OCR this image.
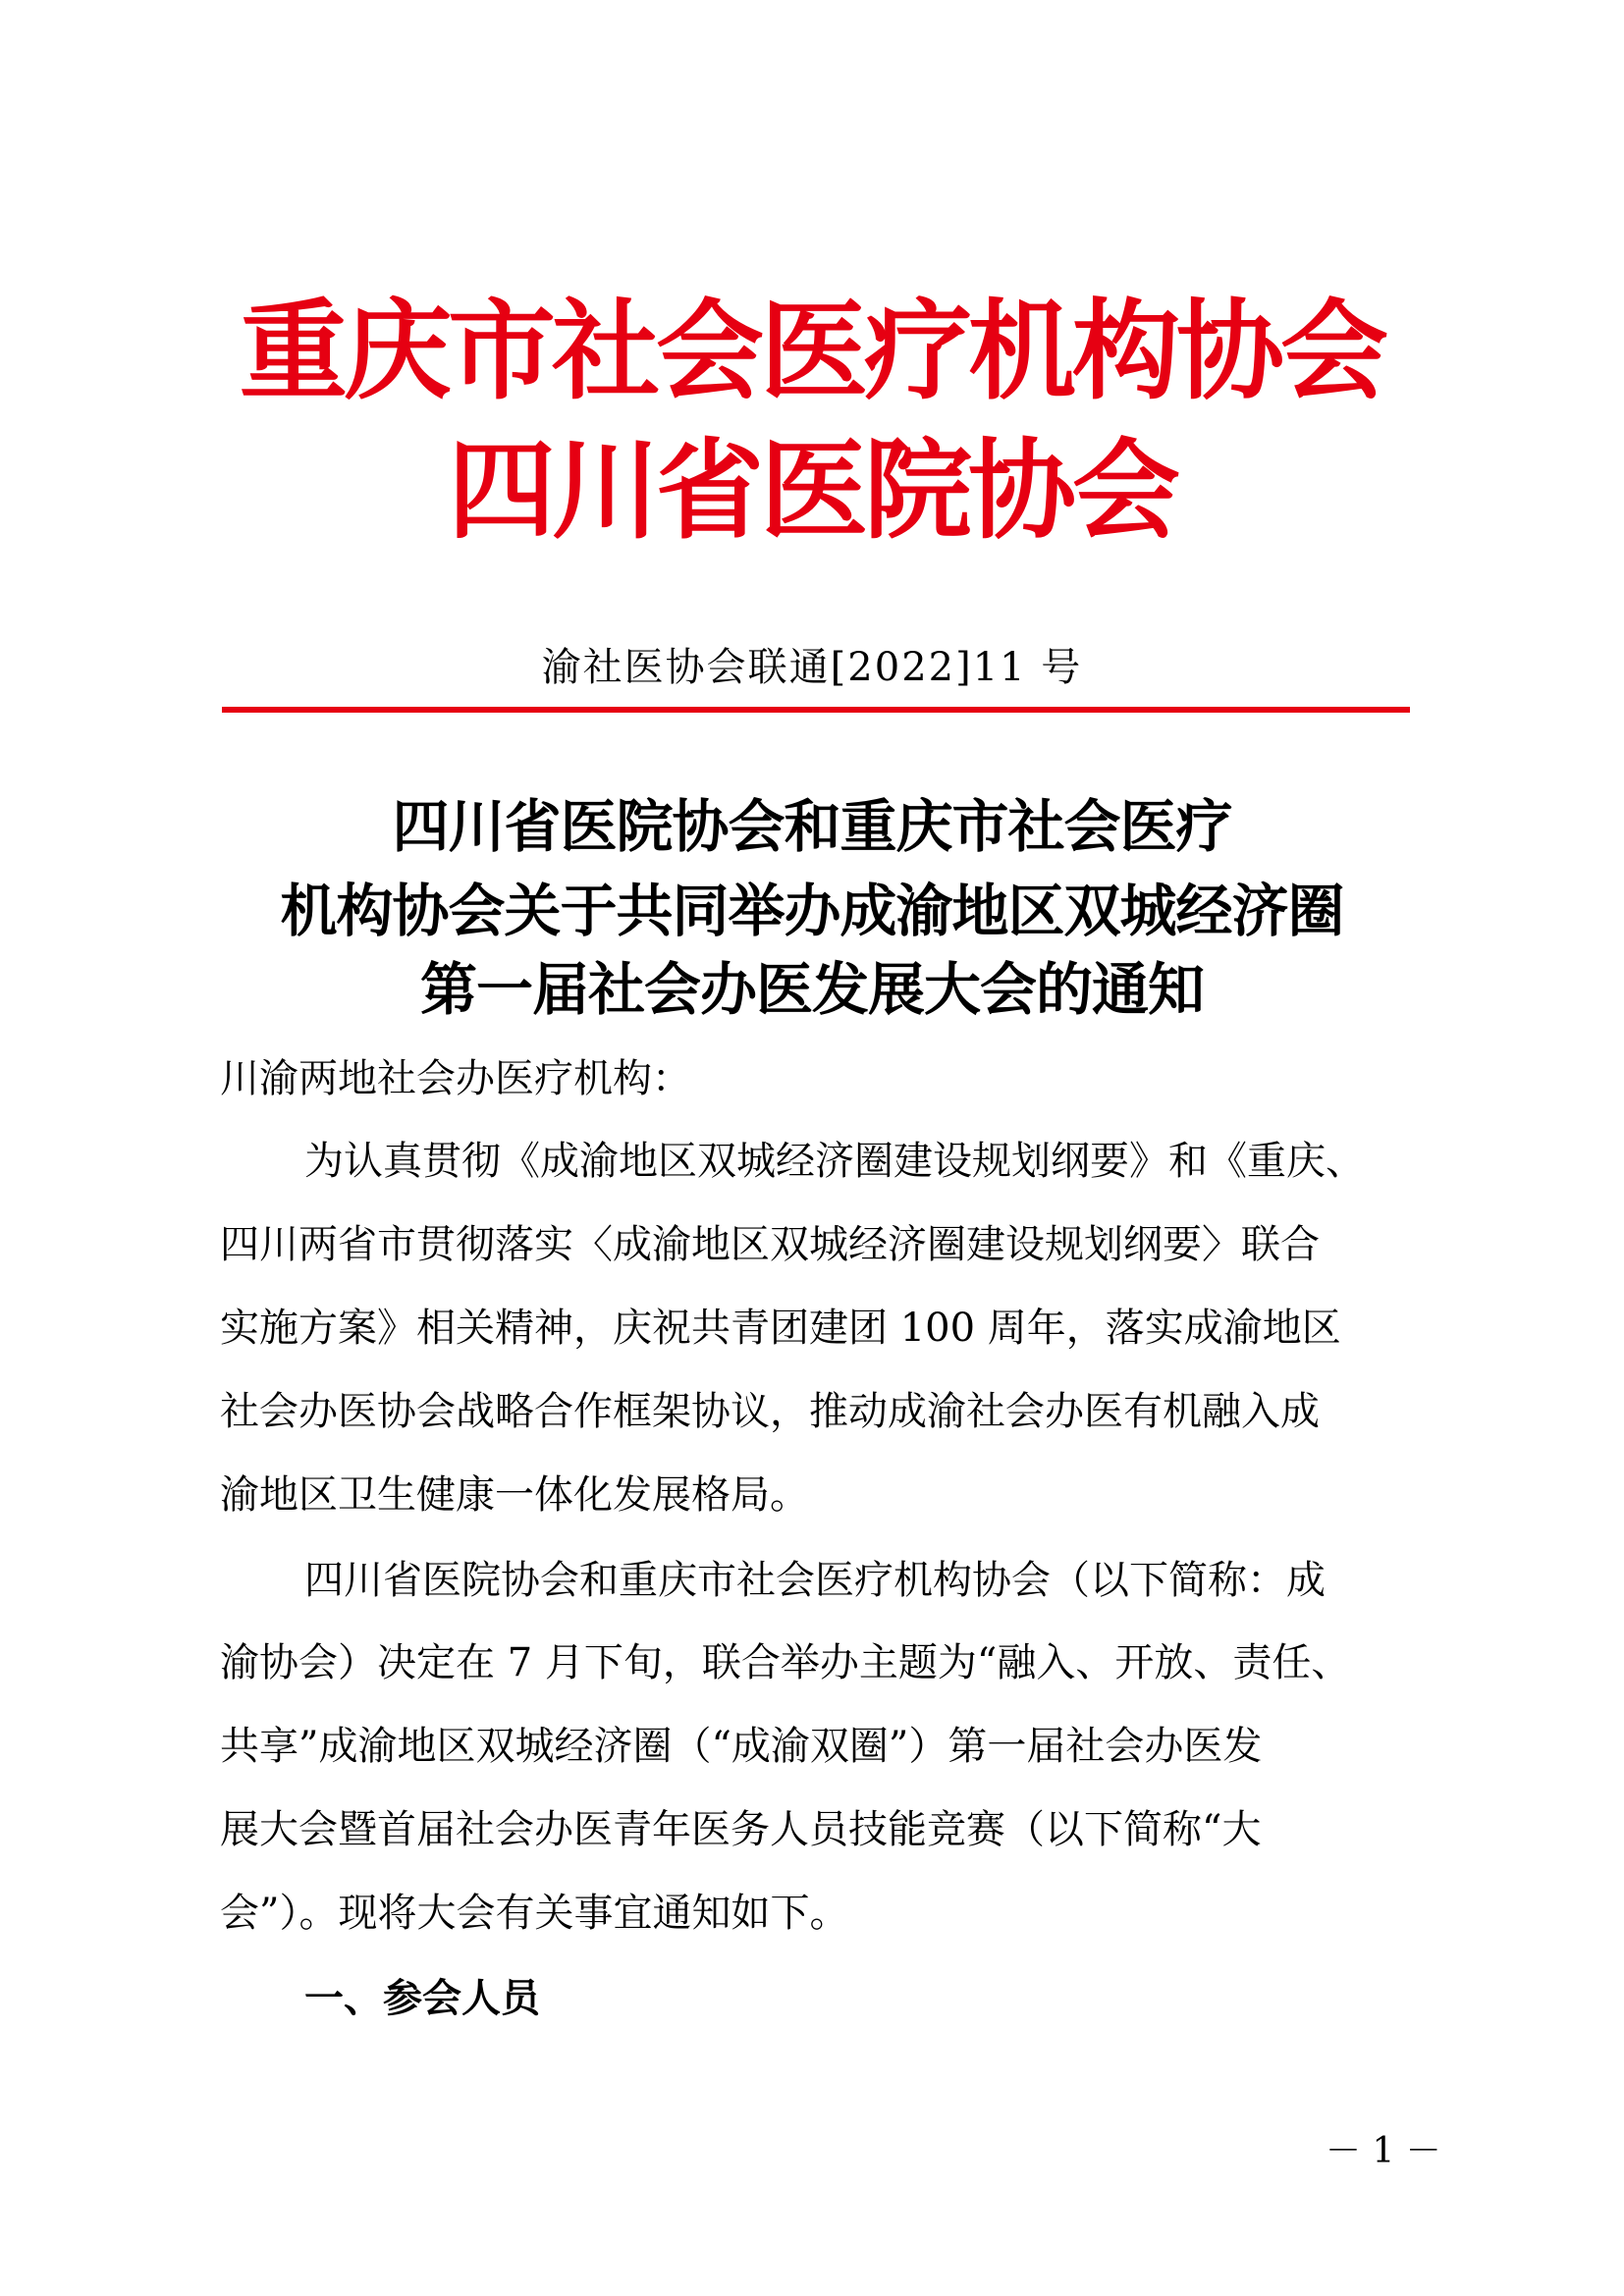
重庆市社会医疗机构协会
四川省医院协会
渝社医协会联通[2022]11 号
四川省医院协会和重庆市社会医疗
机构协会关于共同举办成渝地区双城经济圈
第一届社会办医发展大会的通知
川渝两地社会办医疗机构：
为认真贯彻《成渝地区双城经济圈建设规划纲要》和《重庆、
四川两省市贯彻落实〈成渝地区双城经济圈建设规划纲要〉联合
实施方案》相关精神，庆祝共青团建团 100 周年，落实成渝地区
社会办医协会战略合作框架协议，推动成渝社会办医有机融入成
渝地区卫生健康一体化发展格局。
四川省医院协会和重庆市社会医疗机构协会（以下简称：成
渝协会）决定在 7 月下旬，联合举办主题为“融入、开放、责任、
共享”成渝地区双城经济圈（“成渝双圈”）第一届社会办医发
展大会暨首届社会办医青年医务人员技能竞赛（以下简称“大
会”）。现将大会有关事宜通知如下。
一、参会人员
－ 1 －
